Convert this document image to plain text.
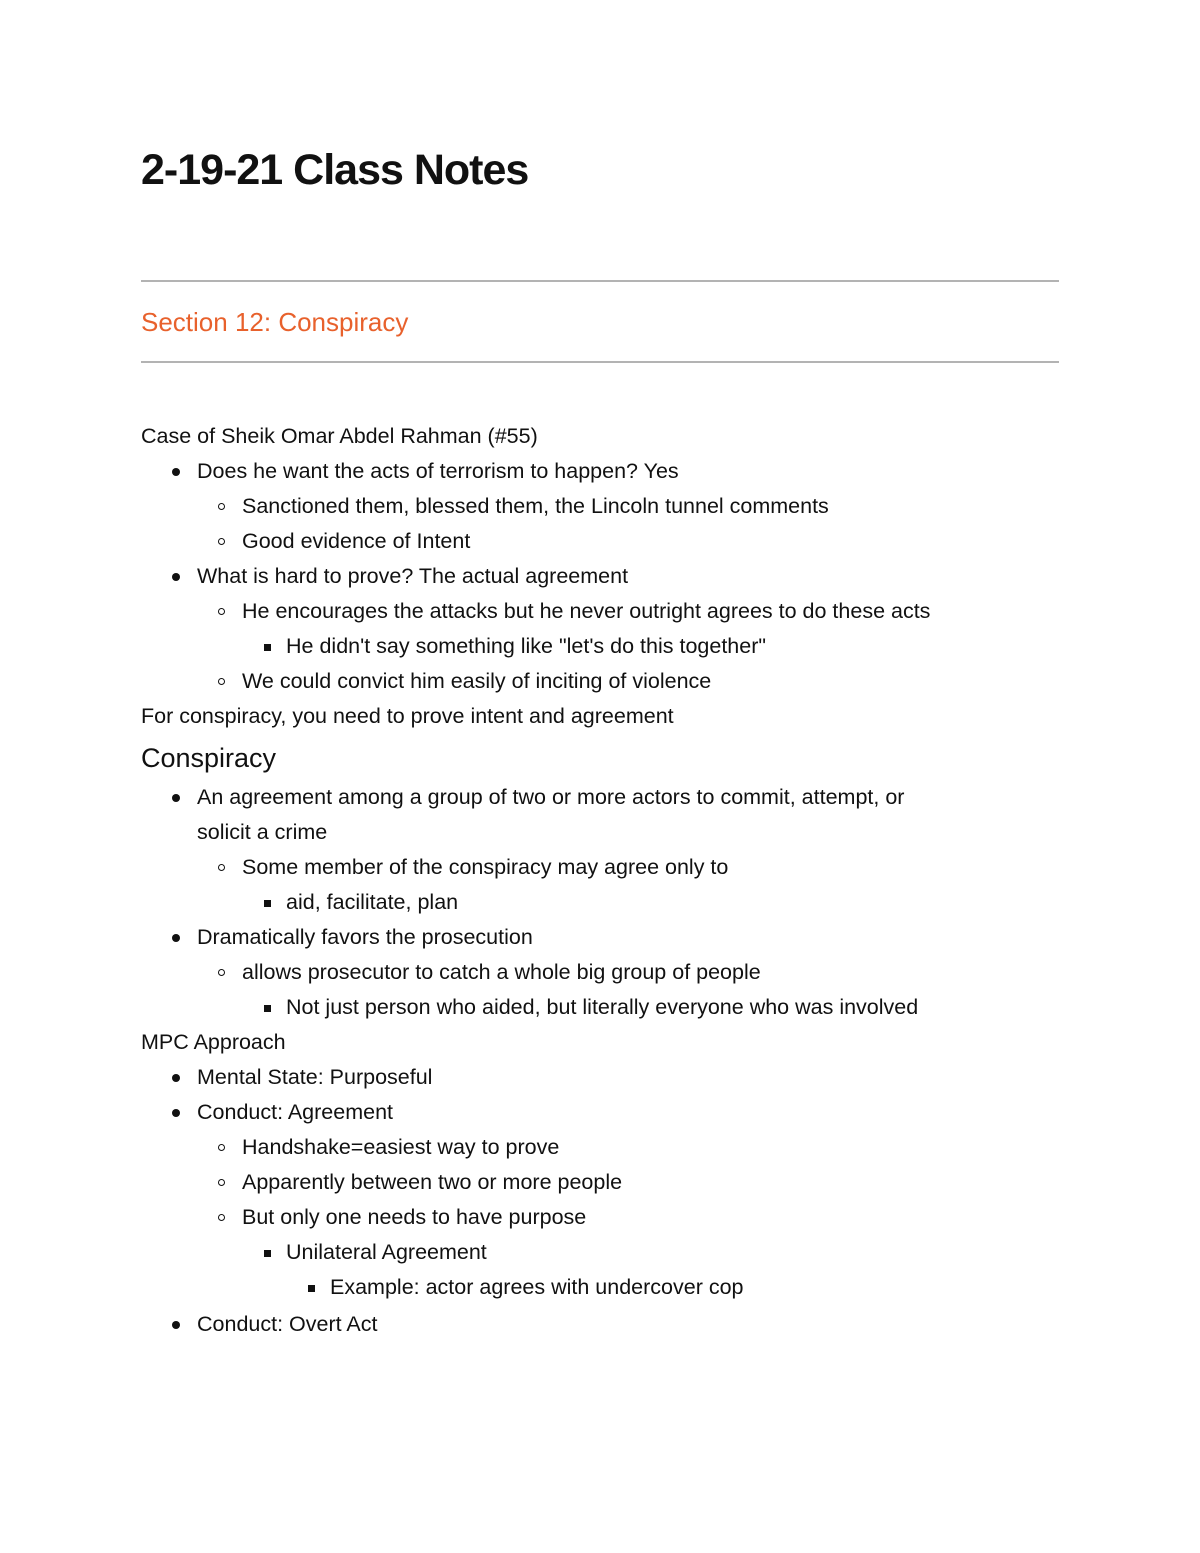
2-19-21 Class Notes
Section 12: Conspiracy
Case of Sheik Omar Abdel Rahman (#55)
Does he want the acts of terrorism to happen? Yes
Sanctioned them, blessed them, the Lincoln tunnel comments
Good evidence of Intent
What is hard to prove? The actual agreement
He encourages the attacks but he never outright agrees to do these acts
He didn't say something like "let's do this together"
We could convict him easily of inciting of violence
For conspiracy, you need to prove intent and agreement
Conspiracy
An agreement among a group of two or more actors to commit, attempt, or
solicit a crime
Some member of the conspiracy may agree only to
aid, facilitate, plan
Dramatically favors the prosecution
allows prosecutor to catch a whole big group of people
Not just person who aided, but literally everyone who was involved
MPC Approach
Mental State: Purposeful
Conduct: Agreement
Handshake=easiest way to prove
Apparently between two or more people
But only one needs to have purpose
Unilateral Agreement
Example: actor agrees with undercover cop
Conduct: Overt Act
